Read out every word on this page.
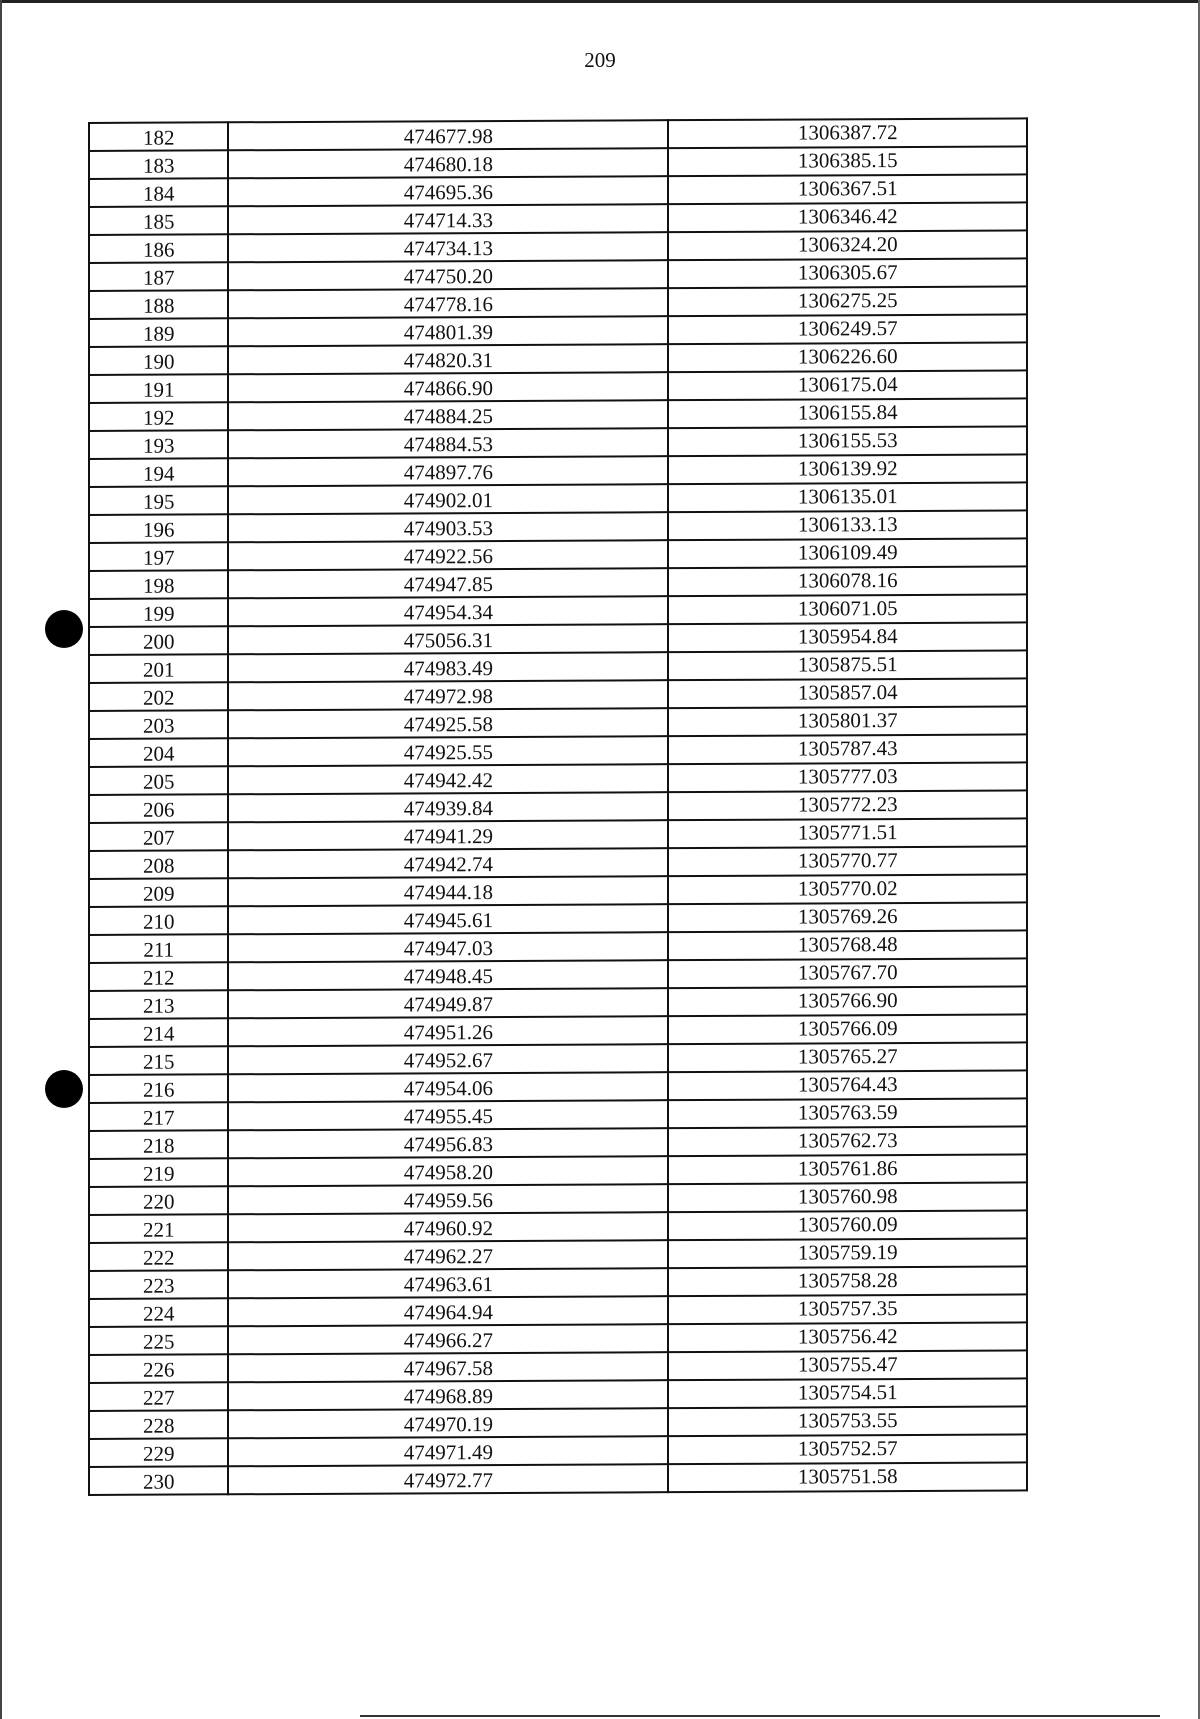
209
182	474677.98	1306387.72
183	474680.18	1306385.15
184	474695.36	1306367.51
185	474714.33	1306346.42
186	474734.13	1306324.20
187	474750.20	1306305.67
188	474778.16	1306275.25
189	474801.39	1306249.57
190	474820.31	1306226.60
191	474866.90	1306175.04
192	474884.25	1306155.84
193	474884.53	1306155.53
194	474897.76	1306139.92
195	474902.01	1306135.01
196	474903.53	1306133.13
197	474922.56	1306109.49
198	474947.85	1306078.16
199	474954.34	1306071.05
200	475056.31	1305954.84
201	474983.49	1305875.51
202	474972.98	1305857.04
203	474925.58	1305801.37
204	474925.55	1305787.43
205	474942.42	1305777.03
206	474939.84	1305772.23
207	474941.29	1305771.51
208	474942.74	1305770.77
209	474944.18	1305770.02
210	474945.61	1305769.26
211	474947.03	1305768.48
212	474948.45	1305767.70
213	474949.87	1305766.90
214	474951.26	1305766.09
215	474952.67	1305765.27
216	474954.06	1305764.43
217	474955.45	1305763.59
218	474956.83	1305762.73
219	474958.20	1305761.86
220	474959.56	1305760.98
221	474960.92	1305760.09
222	474962.27	1305759.19
223	474963.61	1305758.28
224	474964.94	1305757.35
225	474966.27	1305756.42
226	474967.58	1305755.47
227	474968.89	1305754.51
228	474970.19	1305753.55
229	474971.49	1305752.57
230	474972.77	1305751.58
